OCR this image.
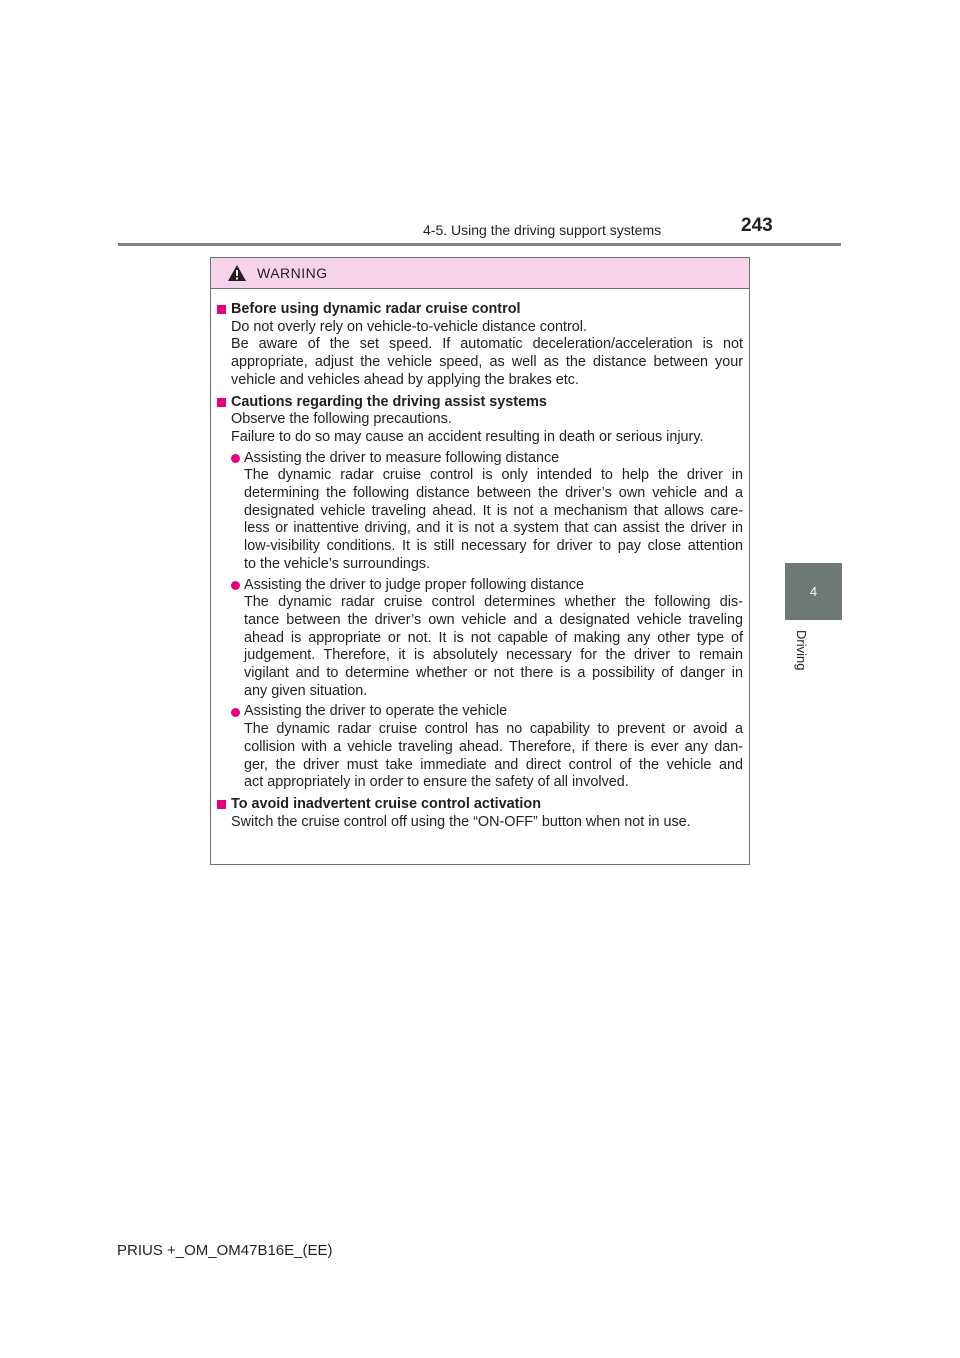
4-5. Using the driving support systems	243
4
Driving
WARNING
Before using dynamic radar cruise control
Do not overly rely on vehicle-to-vehicle distance control.
Be aware of the set speed. If automatic deceleration/acceleration is not
appropriate, adjust the vehicle speed, as well as the distance between your
vehicle and vehicles ahead by applying the brakes etc.
Cautions regarding the driving assist systems
Observe the following precautions.
Failure to do so may cause an accident resulting in death or serious injury.
Assisting the driver to measure following distance
The dynamic radar cruise control is only intended to help the driver in
determining the following distance between the driver’s own vehicle and a
designated vehicle traveling ahead. It is not a mechanism that allows care-
less or inattentive driving, and it is not a system that can assist the driver in
low-visibility conditions. It is still necessary for driver to pay close attention
to the vehicle’s surroundings.
Assisting the driver to judge proper following distance
The dynamic radar cruise control determines whether the following dis-
tance between the driver’s own vehicle and a designated vehicle traveling
ahead is appropriate or not. It is not capable of making any other type of
judgement. Therefore, it is absolutely necessary for the driver to remain
vigilant and to determine whether or not there is a possibility of danger in
any given situation.
Assisting the driver to operate the vehicle
The dynamic radar cruise control has no capability to prevent or avoid a
collision with a vehicle traveling ahead. Therefore, if there is ever any dan-
ger, the driver must take immediate and direct control of the vehicle and
act appropriately in order to ensure the safety of all involved.
To avoid inadvertent cruise control activation
Switch the cruise control off using the “ON-OFF” button when not in use.
PRIUS +_OM_OM47B16E_(EE)
